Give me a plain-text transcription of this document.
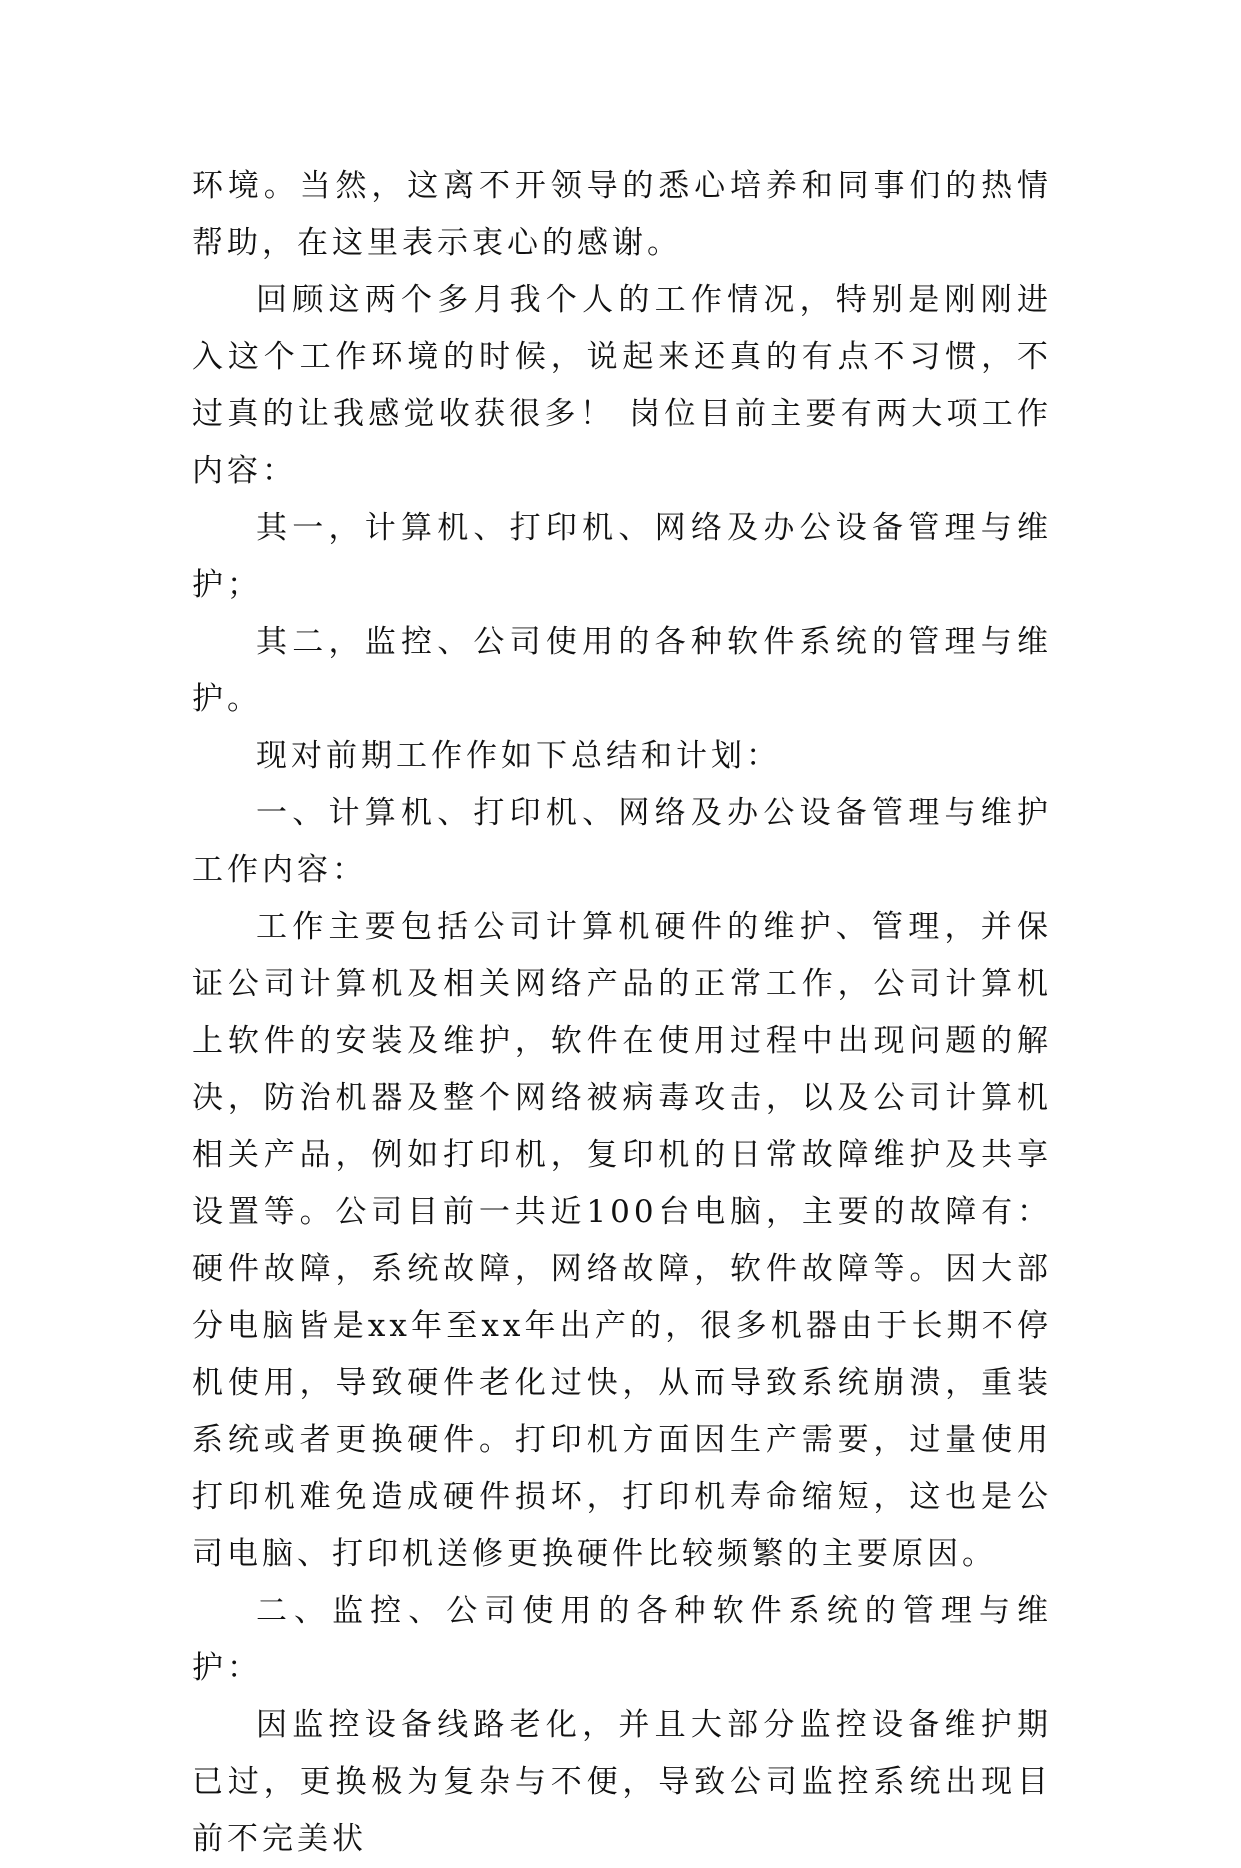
环境。当然，这离不开领导的悉心培养和同事们的热情帮助，在这里表示衷心的感谢。

回顾这两个多月我个人的工作情况，特别是刚刚进入这个工作环境的时候，说起来还真的有点不习惯，不过真的让我感觉收获很多！ 岗位目前主要有两大项工作内容：

其一，计算机、打印机、网络及办公设备管理与维护；

其二，监控、公司使用的各种软件系统的管理与维护。

现对前期工作作如下总结和计划：

一、计算机、打印机、网络及办公设备管理与维护工作内容：

工作主要包括公司计算机硬件的维护、管理，并保证公司计算机及相关网络产品的正常工作，公司计算机上软件的安装及维护，软件在使用过程中出现问题的解决，防治机器及整个网络被病毒攻击，以及公司计算机相关产品，例如打印机，复印机的日常故障维护及共享设置等。公司目前一共近100台电脑，主要的故障有：硬件故障，系统故障，网络故障，软件故障等。因大部分电脑皆是xx年至xx年出产的，很多机器由于长期不停机使用，导致硬件老化过快，从而导致系统崩溃，重装系统或者更换硬件。打印机方面因生产需要，过量使用打印机难免造成硬件损坏，打印机寿命缩短，这也是公司电脑、打印机送修更换硬件比较频繁的主要原因。

二、监控、公司使用的各种软件系统的管理与维护：

因监控设备线路老化，并且大部分监控设备维护期已过，更换极为复杂与不便，导致公司监控系统出现目前不完美状
